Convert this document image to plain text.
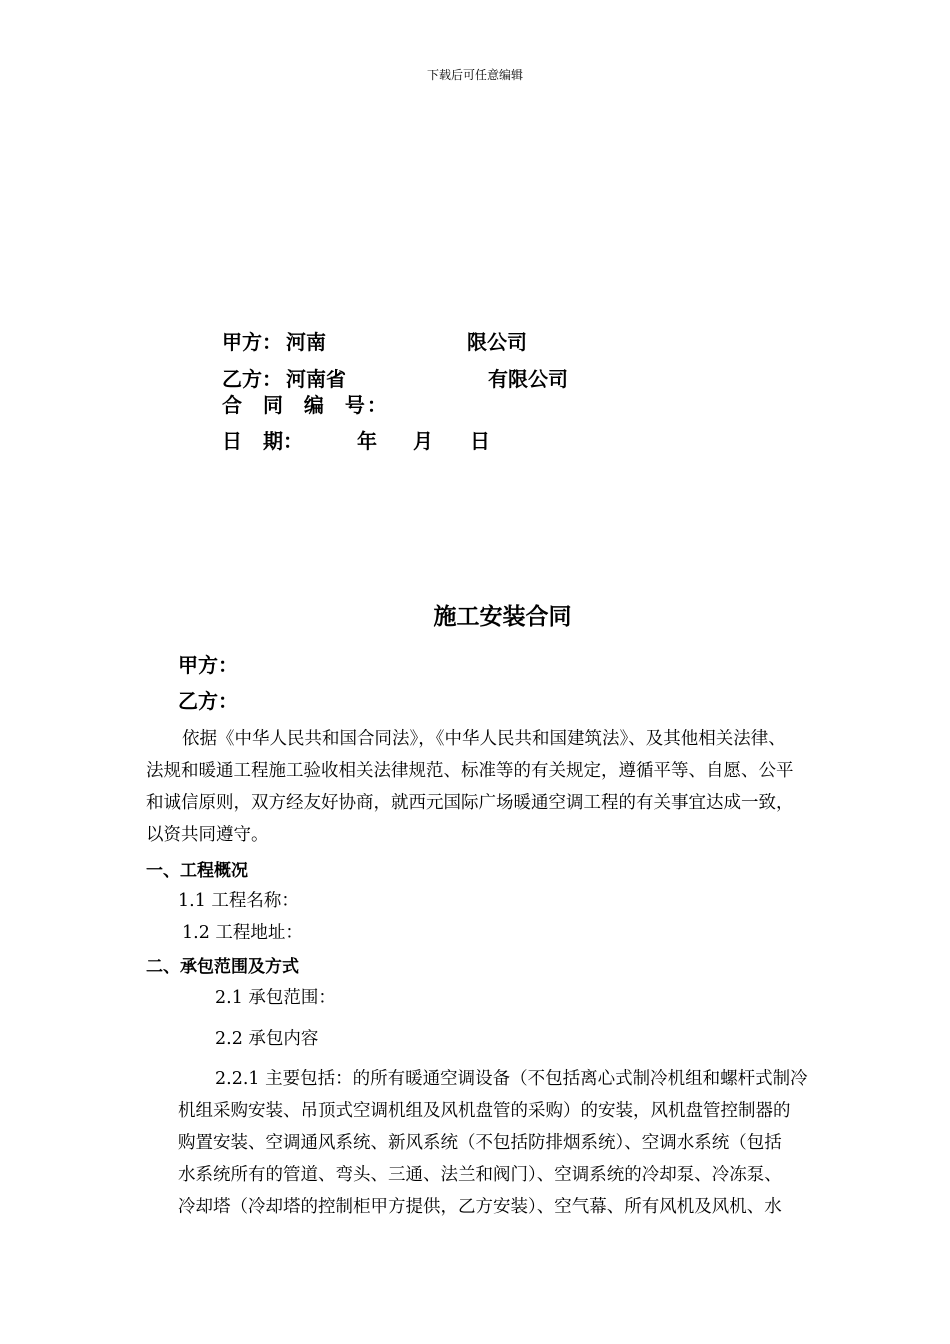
下载后可任意编辑
甲方： 河南	限公司
乙方： 河南省	有限公司
合 同 编 号：
日 期：	年 月 日
施工安装合同
甲方：
乙方：
依据《中华人民共和国合同法》，《中华人民共和国建筑法》、及其他相关法律、
法规和暖通工程施工验收相关法律规范、标准等的有关规定，遵循平等、自愿、公平
和诚信原则，双方经友好协商，就西元国际广场暖通空调工程的有关事宜达成一致，
以资共同遵守。
一、工程概况
1.1 工程名称：
1.2 工程地址：
二、承包范围及方式
2.1 承包范围：
2.2 承包内容
2.2.1 主要包括：的所有暖通空调设备（不包括离心式制冷机组和螺杆式制冷
机组采购安装、吊顶式空调机组及风机盘管的采购）的安装，风机盘管控制器的
购置安装、空调通风系统、新风系统（不包括防排烟系统）、空调水系统（包括
水系统所有的管道、弯头、三通、法兰和阀门）、空调系统的冷却泵、冷冻泵、
冷却塔（冷却塔的控制柜甲方提供，乙方安装）、空气幕、所有风机及风机、水
